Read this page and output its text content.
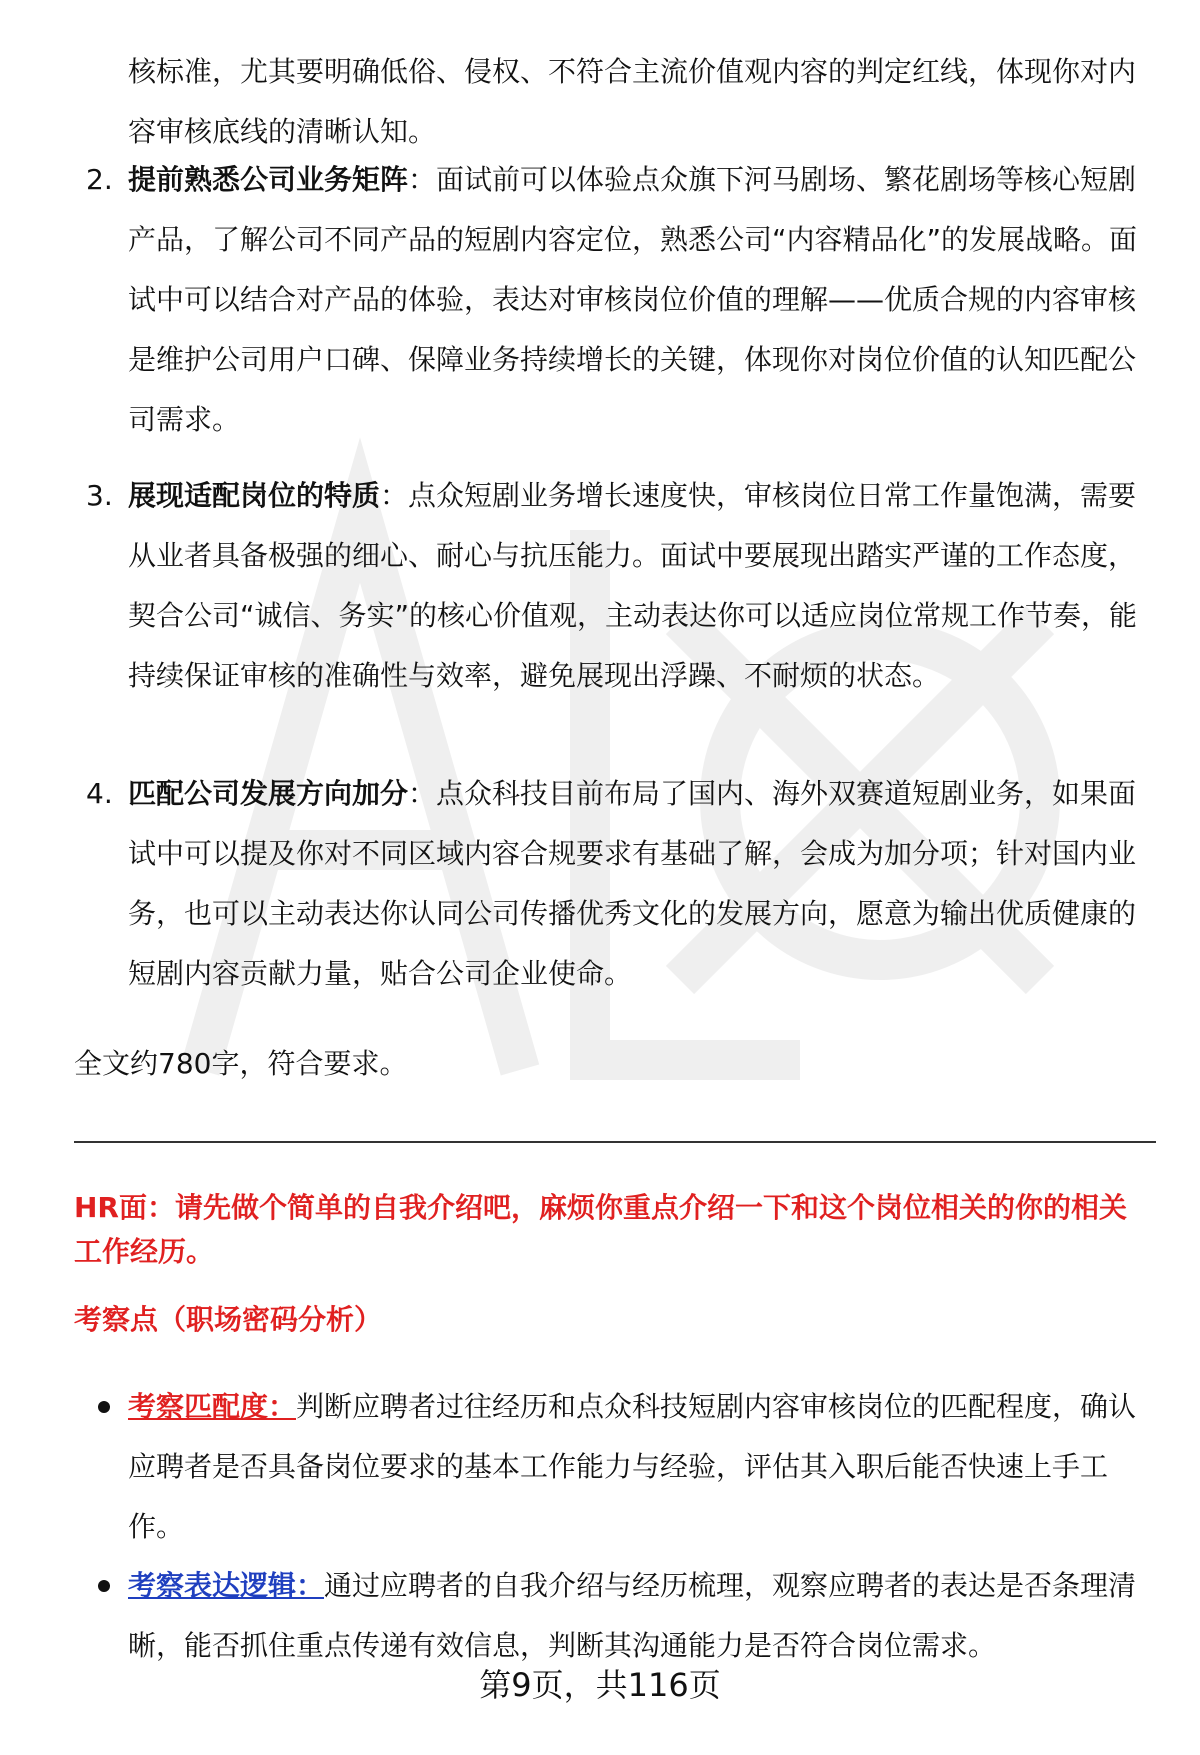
核标准，尤其要明确低俗、侵权、不符合主流价值观内容的判定红线，体现你对内容审核底线的清晰认知。

2. 提前熟悉公司业务矩阵：面试前可以体验点众旗下河马剧场、繁花剧场等核心短剧产品，了解公司不同产品的短剧内容定位，熟悉公司“内容精品化”的发展战略。面试中可以结合对产品的体验，表达对审核岗位价值的理解——优质合规的内容审核是维护公司用户口碑、保障业务持续增长的关键，体现你对岗位价值的认知匹配公司需求。

3. 展现适配岗位的特质：点众短剧业务增长速度快，审核岗位日常工作量饱满，需要从业者具备极强的细心、耐心与抗压能力。面试中要展现出踏实严谨的工作态度，契合公司“诚信、务实”的核心价值观，主动表达你可以适应岗位常规工作节奏，能持续保证审核的准确性与效率，避免展现出浮躁、不耐烦的状态。

4. 匹配公司发展方向加分：点众科技目前布局了国内、海外双赛道短剧业务，如果面试中可以提及你对不同区域内容合规要求有基础了解，会成为加分项；针对国内业务，也可以主动表达你认同公司传播优秀文化的发展方向，愿意为输出优质健康的短剧内容贡献力量，贴合公司企业使命。

全文约780字，符合要求。

HR面：请先做个简单的自我介绍吧，麻烦你重点介绍一下和这个岗位相关的你的相关工作经历。

考察点（职场密码分析）

考察匹配度：判断应聘者过往经历和点众科技短剧内容审核岗位的匹配程度，确认应聘者是否具备岗位要求的基本工作能力与经验，评估其入职后能否快速上手工作。

考察表达逻辑：通过应聘者的自我介绍与经历梳理，观察应聘者的表达是否条理清晰，能否抓住重点传递有效信息，判断其沟通能力是否符合岗位需求。

第9页，共116页
